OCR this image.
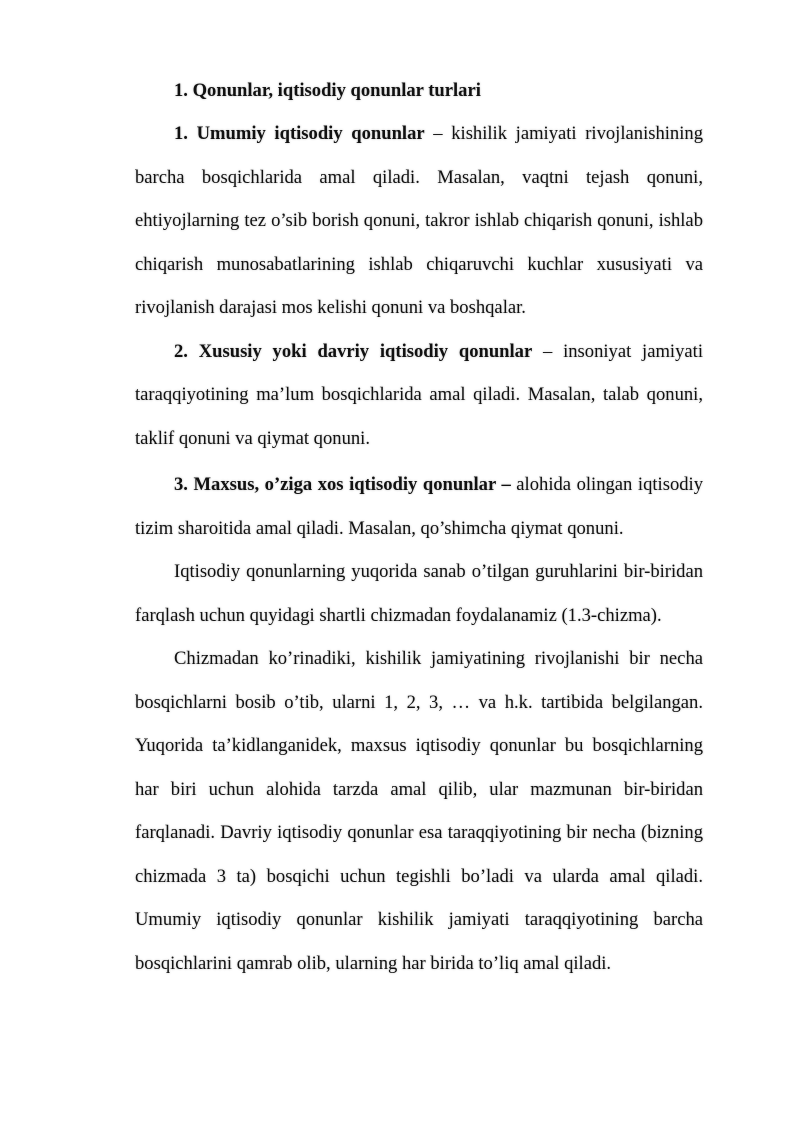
1. Qonunlar, iqtisodiy qonunlar turlari

1. Umumiy iqtisodiy qonunlar – kishilik jamiyati rivojlanishining barcha bosqichlarida amal qiladi. Masalan, vaqtni tejash qonuni, ehtiyojlarning tez o’sib borish qonuni, takror ishlab chiqarish qonuni, ishlab chiqarish munosabatlarining ishlab chiqaruvchi kuchlar xususiyati va rivojlanish darajasi mos kelishi qonuni va boshqalar.

2. Xususiy yoki davriy iqtisodiy qonunlar – insoniyat jamiyati taraqqiyotining ma’lum bosqichlarida amal qiladi. Masalan, talab qonuni, taklif qonuni va qiymat qonuni.

3. Maxsus, o’ziga xos iqtisodiy qonunlar – alohida olingan iqtisodiy tizim sharoitida amal qiladi. Masalan, qo’shimcha qiymat qonuni.

Iqtisodiy qonunlarning yuqorida sanab o’tilgan guruhlarini bir-biridan farqlash uchun quyidagi shartli chizmadan foydalanamiz (1.3-chizma).

Chizmadan ko’rinadiki, kishilik jamiyatining rivojlanishi bir necha bosqichlarni bosib o’tib, ularni 1, 2, 3, … va h.k. tartibida belgilangan. Yuqorida ta’kidlanganidek, maxsus iqtisodiy qonunlar bu bosqichlarning har biri uchun alohida tarzda amal qilib, ular mazmunan bir-biridan farqlanadi. Davriy iqtisodiy qonunlar esa taraqqiyotining bir necha (bizning chizmada 3 ta) bosqichi uchun tegishli bo’ladi va ularda amal qiladi. Umumiy iqtisodiy qonunlar kishilik jamiyati taraqqiyotining barcha bosqichlarini qamrab olib, ularning har birida to’liq amal qiladi.
